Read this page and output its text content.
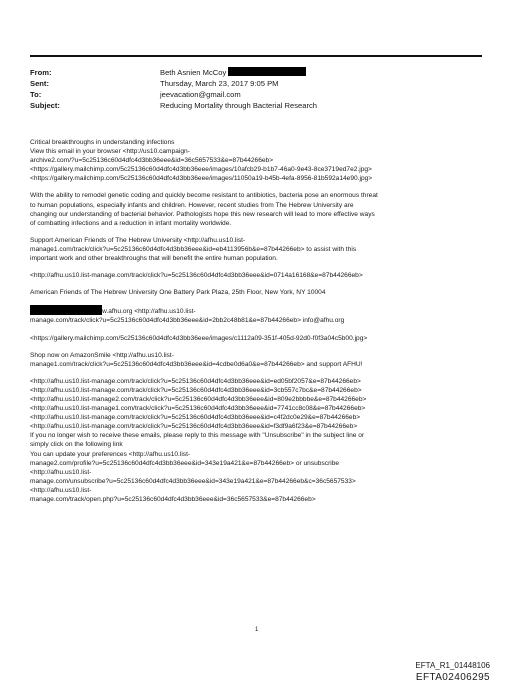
From:	Beth Asnien McCoy
Sent:	Thursday, March 23, 2017 9:05 PM
To:	jeevacation@gmail.com
Subject:	Reducing Mortality through Bacterial Research
Critical breakthroughs in understanding infections
View this email in your browser <http://us10.campaign-
archive2.com/?u=5c25136c60d4dfc4d3bb36eee&id=36c5657533&e=87b44266eb>
<https://gallery.mailchimp.com/5c25136c60d4dfc4d3bb36eee/images/10afcb29-b1b7-46a0-9e43-8ce3719ed7e2.jpg>
<https://gallery.mailchimp.com/5c25136c60d4dfc4d3bb36eee/images/11050a19-b45b-4efa-8956-81b592a14e90.jpg>
With the ability to remodel genetic coding and quickly become resistant to antibiotics, bacteria pose an enormous threat
to human populations, especially infants and children. However, recent studies from The Hebrew University are
changing our understanding of bacterial behavior. Pathologists hope this new research will lead to more effective ways
of combatting infections and a reduction in infant mortality worldwide.
Support American Friends of The Hebrew University <http://afhu.us10.list-
manage1.com/track/click?u=5c25136c60d4dfc4d3bb36eee&id=eb4113956b&e=87b44266eb> to assist with this
important work and other breakthroughs that will benefit the entire human population.
<http://afhu.us10.list-manage.com/track/click?u=5c25136c60d4dfc4d3bb36eee&id=0714a16168&e=87b44266eb>
American Friends of The Hebrew University One Battery Park Plaza, 25th Floor, New York, NY 10004
w.afhu.org <http://afhu.us10.list-
manage.com/track/click?u=5c25136c60d4dfc4d3bb36eee&id=2bb2c48b81&e=87b44266eb> info@afhu.org
<https://gallery.mailchimp.com/5c25136c60d4dfc4d3bb36eee/images/c1112a09-351f-405d-92d0-f0f3a04c5b00.jpg>
Shop now on AmazonSmile <http://afhu.us10.list-
manage1.com/track/click?u=5c25136c60d4dfc4d3bb36eee&id=4cdbe0d6a0&e=87b44266eb> and support AFHU!
<http://afhu.us10.list-manage.com/track/click?u=5c25136c60d4dfc4d3bb36eee&id=ed05bf2057&e=87b44266eb>
<http://afhu.us10.list-manage.com/track/click?u=5c25136c60d4dfc4d3bb36eee&id=3cb557c7bc&e=87b44266eb>
<http://afhu.us10.list-manage2.com/track/click?u=5c25136c60d4dfc4d3bb36eee&id=809e2bbbbe&e=87b44266eb>
<http://afhu.us10.list-manage1.com/track/click?u=5c25136c60d4dfc4d3bb36eee&id=7741cc8c08&e=87b44266eb>
<http://afhu.us10.list-manage.com/track/click?u=5c25136c60d4dfc4d3bb36eee&id=c4f2dc0e29&e=87b44266eb>
<http://afhu.us10.list-manage.com/track/click?u=5c25136c60d4dfc4d3bb36eee&id=f3df9a6f23&e=87b44266eb>
If you no longer wish to receive these emails, please reply to this message with "Unsubscribe" in the subject line or
simply click on the following link
You can update your preferences <http://afhu.us10.list-
manage2.com/profile?u=5c25136c60d4dfc4d3bb36eee&id=343e19a421&e=87b44266eb> or unsubscribe
<http://afhu.us10.list-
manage.com/unsubscribe?u=5c25136c60d4dfc4d3bb36eee&id=343e19a421&e=87b44266eb&c=36c5657533>
<http://afhu.us10.list-
manage.com/track/open.php?u=5c25136c60d4dfc4d3bb36eee&id=36c5657533&e=87b44266eb>
1
EFTA_R1_01448106
EFTA02406295
